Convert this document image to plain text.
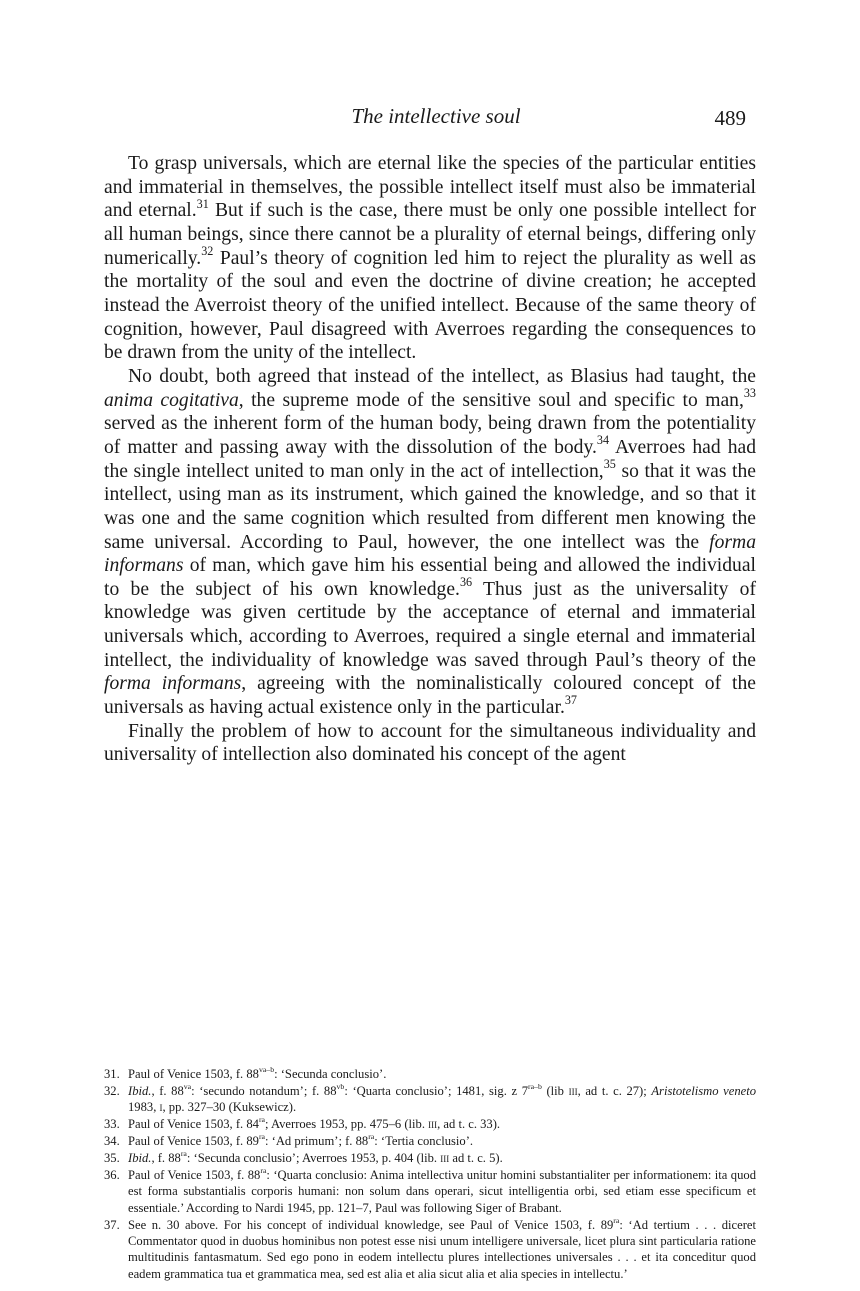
The intellective soul	489

To grasp universals, which are eternal like the species of the particular entities and immaterial in themselves, the possible intellect itself must also be immaterial and eternal.$^{31}$ But if such is the case, there must be only one possible intellect for all human beings, since there cannot be a plurality of eternal beings, differing only numerically.$^{32}$ Paul’s theory of cognition led him to reject the plurality as well as the mortality of the soul and even the doctrine of divine creation; he accepted instead the Averroist theory of the unified intellect. Because of the same theory of cognition, however, Paul disagreed with Averroes regarding the consequences to be drawn from the unity of the intellect.

No doubt, both agreed that instead of the intellect, as Blasius had taught, the anima cogitativa, the supreme mode of the sensitive soul and specific to man,$^{33}$ served as the inherent form of the human body, being drawn from the potentiality of matter and passing away with the dissolution of the body.$^{34}$ Averroes had had the single intellect united to man only in the act of intellection,$^{35}$ so that it was the intellect, using man as its instrument, which gained the knowledge, and so that it was one and the same cognition which resulted from different men knowing the same universal. According to Paul, however, the one intellect was the forma informans of man, which gave him his essential being and allowed the individual to be the subject of his own knowledge.$^{36}$ Thus just as the universality of knowledge was given certitude by the acceptance of eternal and immaterial universals which, according to Averroes, required a single eternal and immaterial intellect, the individuality of knowledge was saved through Paul’s theory of the forma informans, agreeing with the nominalistically coloured concept of the universals as having actual existence only in the particular.$^{37}$

Finally the problem of how to account for the simultaneous individuality and universality of intellection also dominated his concept of the agent

31. Paul of Venice 1503, f. $88^{va-b}$: ‘Secunda conclusio’.
32. Ibid., f. $88^{va}$: ‘secundo notandum’; f. $88^{vb}$: ‘Quarta conclusio’; 1481, sig. z $7^{ra-b}$ (lib iii, ad t. c. 27); Aristotelismo veneto 1983, i, pp. 327–30 (Kuksewicz).
33. Paul of Venice 1503, f. $84^{ra}$; Averroes 1953, pp. 475–6 (lib. iii, ad t. c. 33).
34. Paul of Venice 1503, f. $89^{ra}$: ‘Ad primum’; f. $88^{ra}$: ‘Tertia conclusio’.
35. Ibid., f. $88^{ra}$: ‘Secunda conclusio’; Averroes 1953, p. 404 (lib. iii ad t. c. 5).
36. Paul of Venice 1503, f. $88^{ra}$: ‘Quarta conclusio: Anima intellectiva unitur homini substantialiter per informationem: ita quod est forma substantialis corporis humani: non solum dans operari, sicut intelligentia orbi, sed etiam esse specificum et essentiale.’ According to Nardi 1945, pp. 121–7, Paul was following Siger of Brabant.
37. See n. 30 above. For his concept of individual knowledge, see Paul of Venice 1503, f. $89^{ra}$: ‘Ad tertium . . . diceret Commentator quod in duobus hominibus non potest esse nisi unum intelligere universale, licet plura sint particularia ratione multitudinis fantasmatum. Sed ego pono in eodem intellectu plures intellectiones universales . . . et ita conceditur quod eadem grammatica tua et grammatica mea, sed est alia et alia sicut alia et alia species in intellectu.’
